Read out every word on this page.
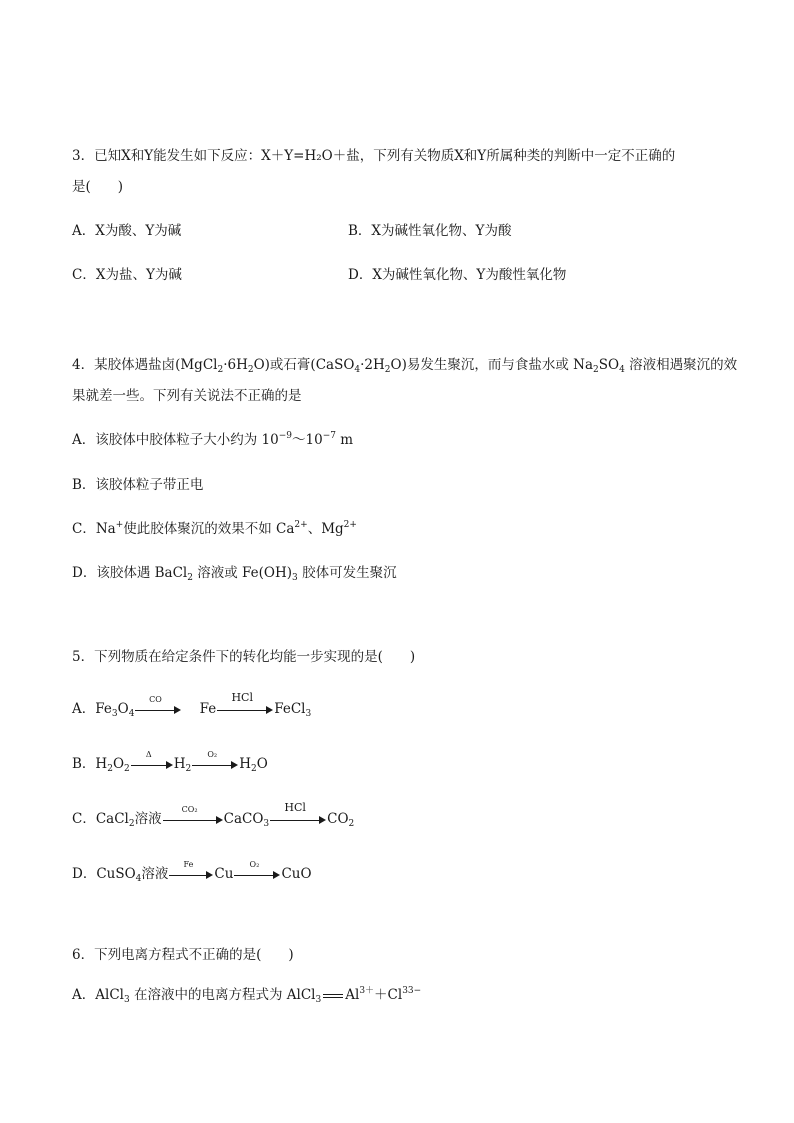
3．已知X和Y能发生如下反应：X＋Y=H₂O＋盐，下列有关物质X和Y所属种类的判断中一定不正确的
是(　　)
A．X为酸、Y为碱	B．X为碱性氧化物、Y为酸
C．X为盐、Y为碱	D．X为碱性氧化物、Y为酸性氧化物
4．某胶体遇盐卤$(MgCl_2\cdot 6H_2O)$或石膏$(CaSO_4\cdot 2H_2O)$易发生聚沉，而与食盐水或 $Na_2SO_4$ 溶液相遇聚沉的效
果就差一些。下列有关说法不正确的是
A．该胶体中胶体粒子大小约为 $10^{-9}\sim 10^{-7}$ m
B．该胶体粒子带正电
C．Na+使此胶体聚沉的效果不如 $Ca^{2+}$、$Mg^{2+}$
D．该胶体遇 BaCl$_2$ 溶液或 $Fe(OH)_3$ 胶体可发生聚沉
5．下列物质在给定条件下的转化均能一步实现的是(　　)
A．$Fe_3O_4$
CO
Fe
HCl
FeCl$_3$
B．$H_2O_2$
Δ
$H_2$
O₂
$H_2O$
C．CaCl$_2$溶液
CO₂
CaCO$_3$
HCl
$CO_2$
D．CuSO$_4$溶液
Fe
Cu
O₂
CuO
6．下列电离方程式不正确的是(　　)
A．AlCl$_3$ 在溶液中的电离方程式为 AlCl$_3$ $Al^{3+}+Cl^{33-}$
